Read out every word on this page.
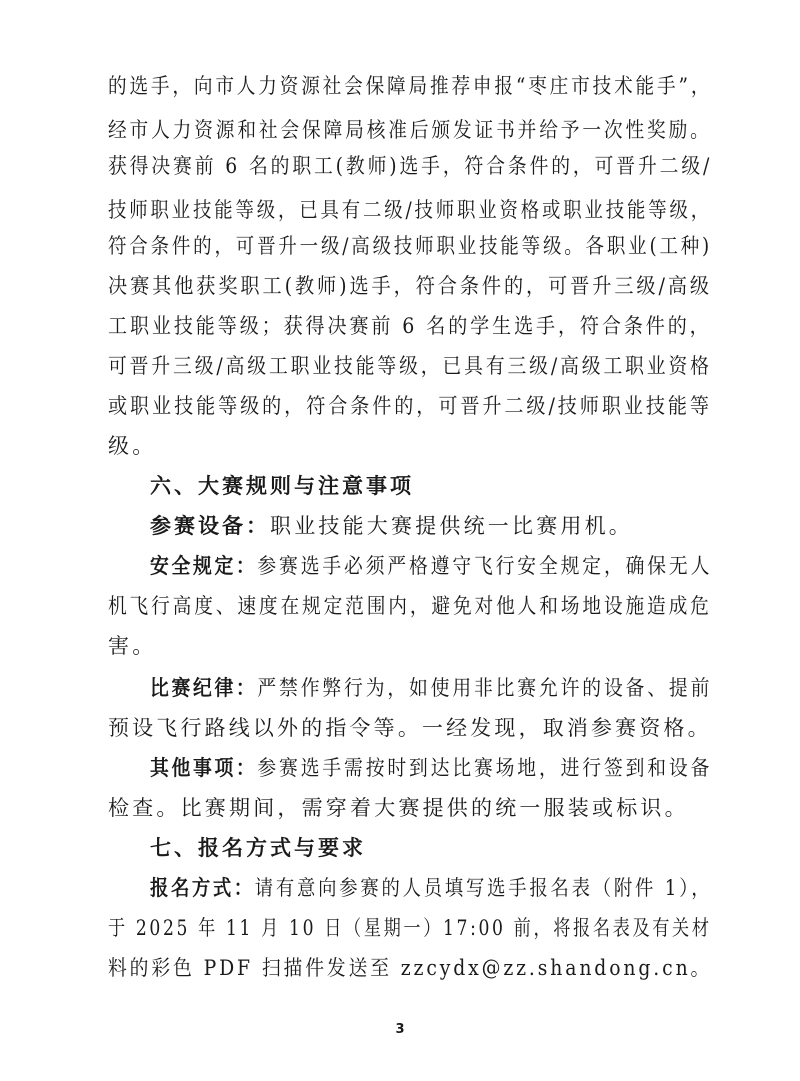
的选手，向市人力资源社会保障局推荐申报“枣庄市技术能手”，
经市人力资源和社会保障局核准后颁发证书并给予一次性奖励。
获得决赛前 6 名的职工(教师)选手，符合条件的，可晋升二级/
技师职业技能等级，已具有二级/技师职业资格或职业技能等级，
符合条件的，可晋升一级/高级技师职业技能等级。各职业(工种)
决赛其他获奖职工(教师)选手，符合条件的，可晋升三级/高级
工职业技能等级；获得决赛前 6 名的学生选手，符合条件的，
可晋升三级/高级工职业技能等级，已具有三级/高级工职业资格
或职业技能等级的，符合条件的，可晋升二级/技师职业技能等
级。
六、大赛规则与注意事项
参赛设备：职业技能大赛提供统一比赛用机。
安全规定：参赛选手必须严格遵守飞行安全规定，确保无人
机飞行高度、速度在规定范围内，避免对他人和场地设施造成危
害。
比赛纪律：严禁作弊行为，如使用非比赛允许的设备、提前
预设飞行路线以外的指令等。一经发现，取消参赛资格。
其他事项：参赛选手需按时到达比赛场地，进行签到和设备
检查。比赛期间，需穿着大赛提供的统一服装或标识。
七、报名方式与要求
报名方式：请有意向参赛的人员填写选手报名表（附件 1），
于 2025 年 11 月 10 日（星期一）17:00 前，将报名表及有关材
料的彩色 PDF 扫描件发送至 zzcydx@zz.shandong.cn。
3
